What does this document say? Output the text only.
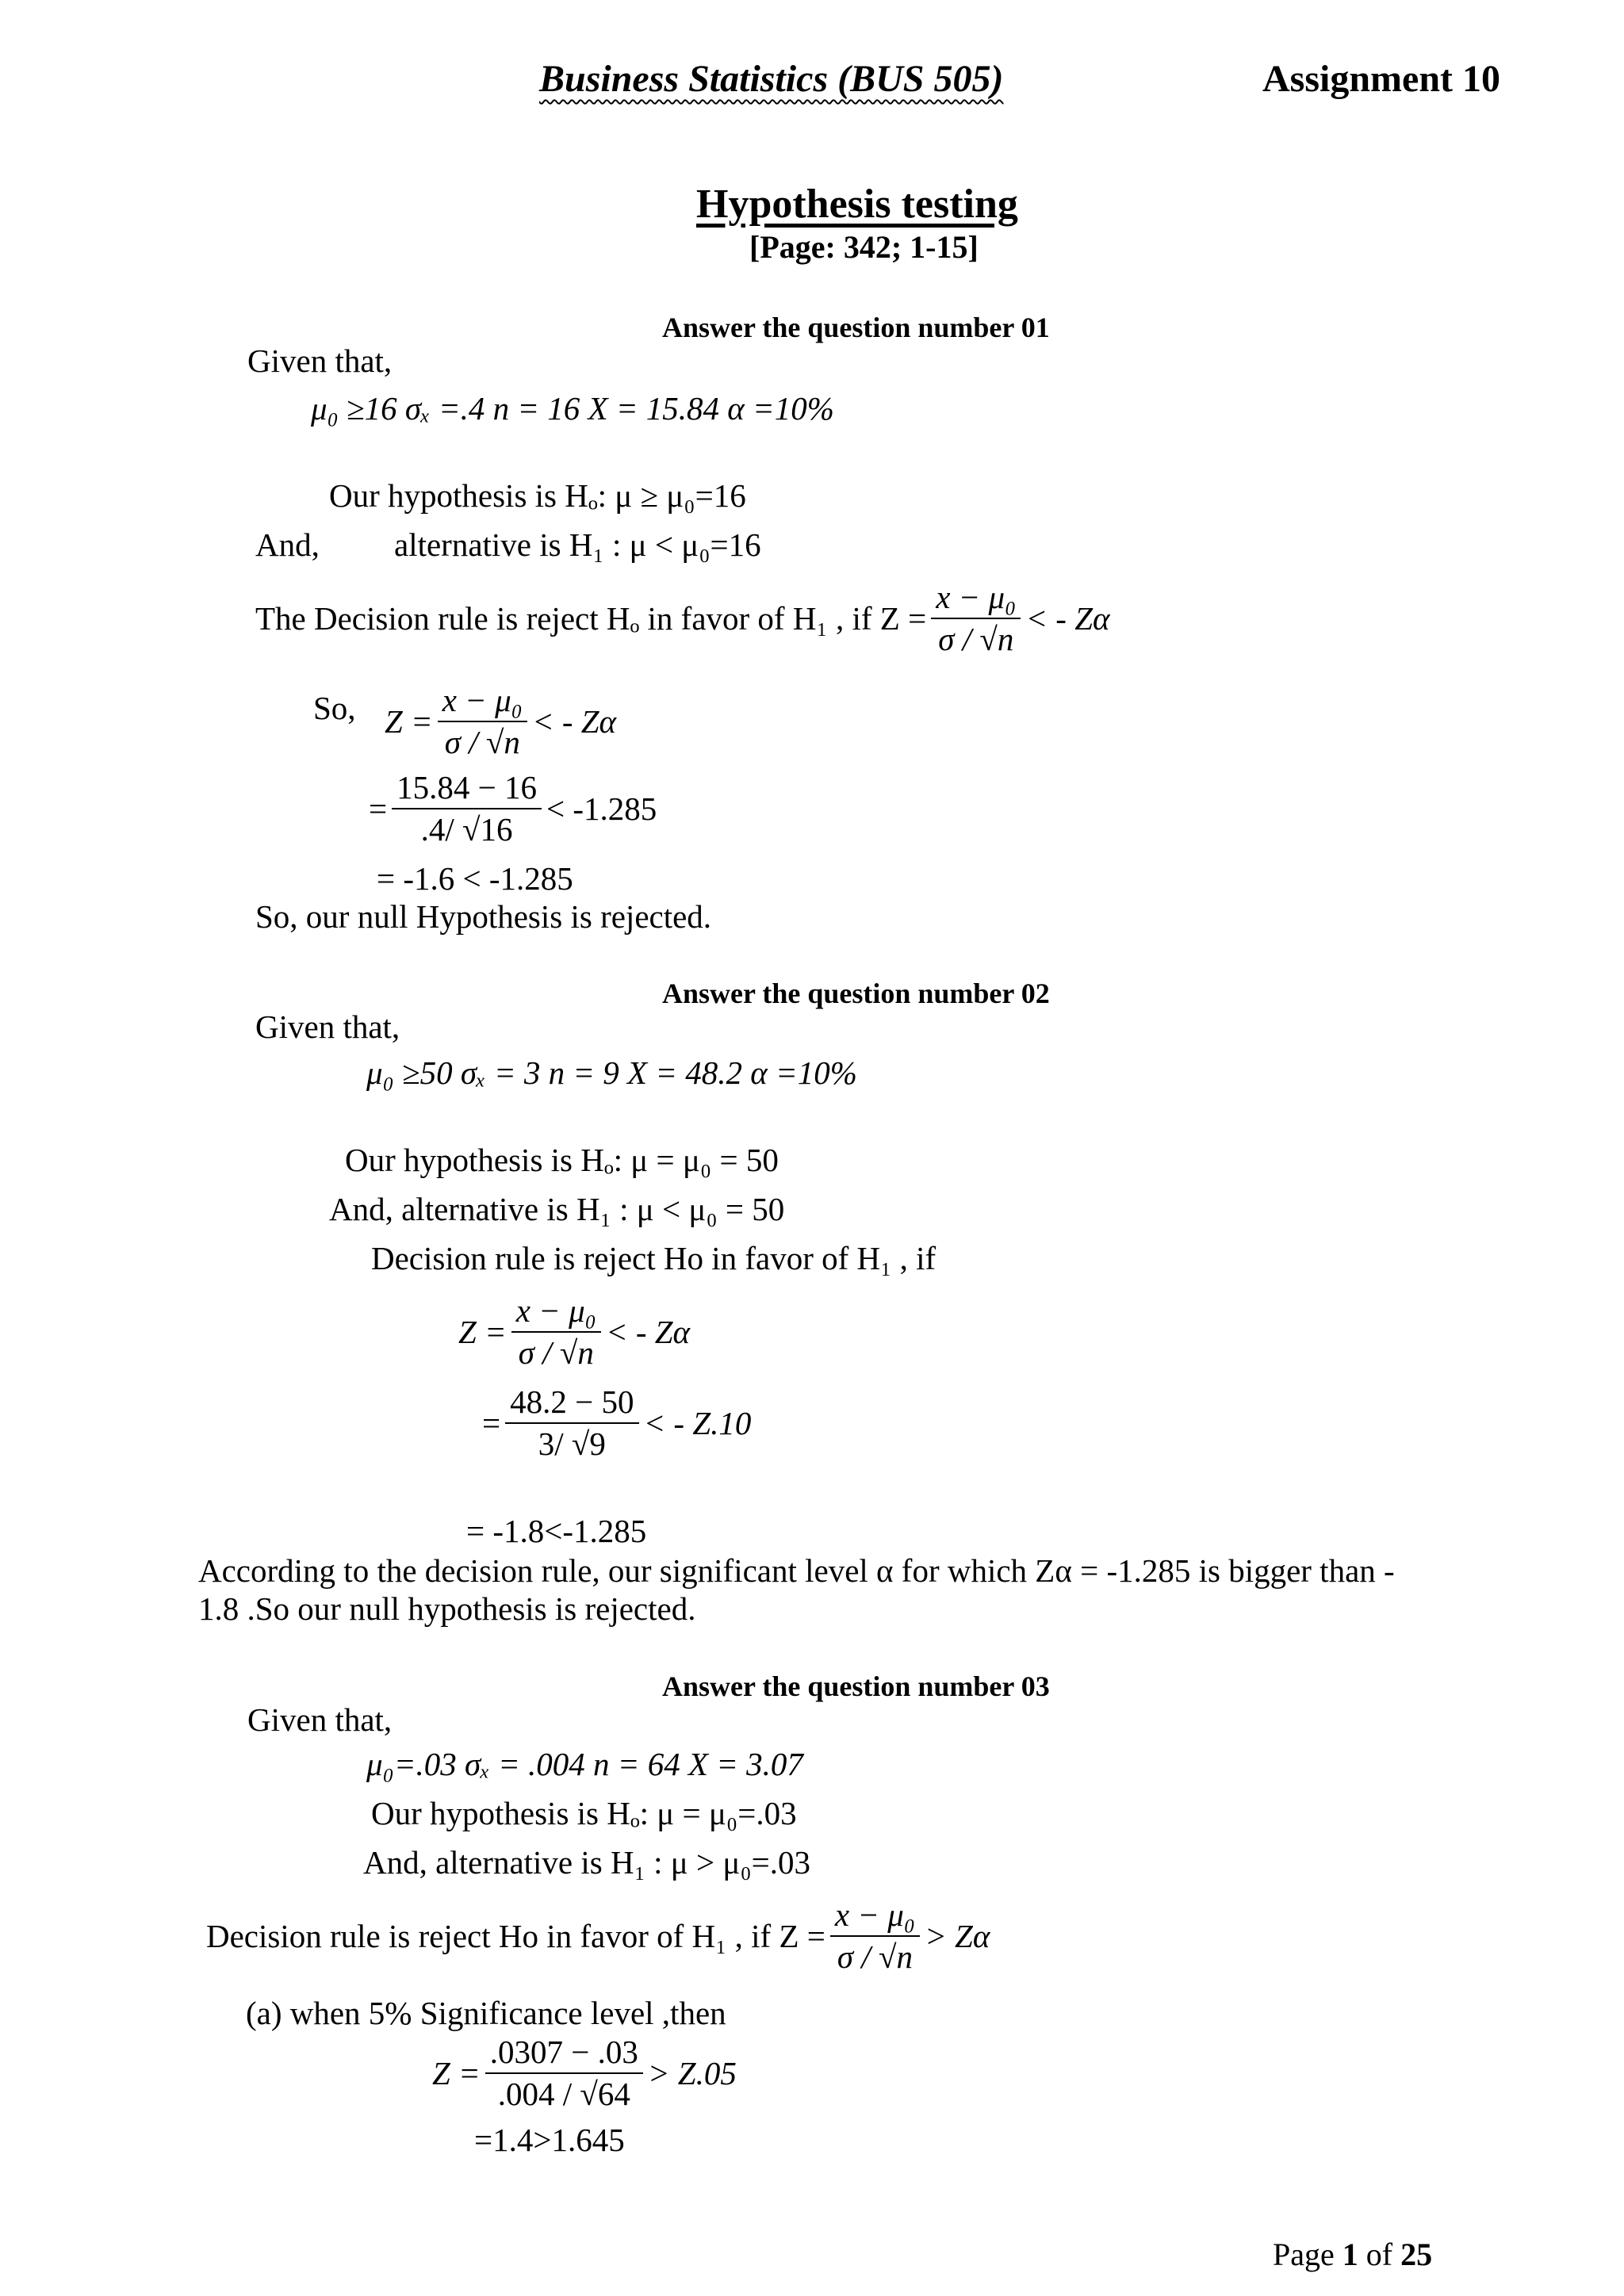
Business Statistics (BUS 505)	Assignment 10
Hypothesis testing
[Page: 342; 1-15]
Answer the question number 01
Given that,
μ₀ ≥16 σₓ =.4 n = 16 X = 15.84 α =10%
Our hypothesis is Hₒ: μ ≥ μ₀=16
And, alternative is H₁ : μ < μ₀=16
The Decision rule is reject Hₒ in favor of H₁ , if $Z = \frac{\text{x − μ₀}}{\sigma / √n}$ < - Zα
So, $Z = \frac{\text{x − μ₀}}{\sigma / √n}$ < - Zα
= $\frac{15.84 - 16}{.4/ √16} < -1.285$
= -1.6 < -1.285
So, our null Hypothesis is rejected.
Answer the question number 02
Given that,
μ₀ ≥50 σₓ = 3 n = 9 X = 48.2 α =10%
Our hypothesis is Hₒ: μ = μ₀ = 50
And, alternative is H₁ : μ < μ₀ = 50
Decision rule is reject Ho in favor of H₁ , if
$Z = \frac{\text{x − μ₀}}{\sigma / √n}$ < - Zα
= $\frac{48.2 - 50}{3/ √9}$ < - Z.10
= -1.8<-1.285
According to the decision rule, our significant level α for which Zα = -1.285 is bigger than -
1.8 .So our null hypothesis is rejected.
Answer the question number 03
Given that,
μ₀=.03 σₓ = .004 n = 64 X = 3.07
Our hypothesis is Hₒ: μ = μ₀=.03
And, alternative is H₁ : μ > μ₀=.03
Decision rule is reject Ho in favor of H₁ , if $Z = \frac{\text{x − μ₀}}{\sigma / √n} > Z\alpha$
(a) when 5% Significance level ,then
$Z = \frac{.0307 - .03}{.004 / √64} > Z.05$
=1.4>1.645
Page 1 of 25
